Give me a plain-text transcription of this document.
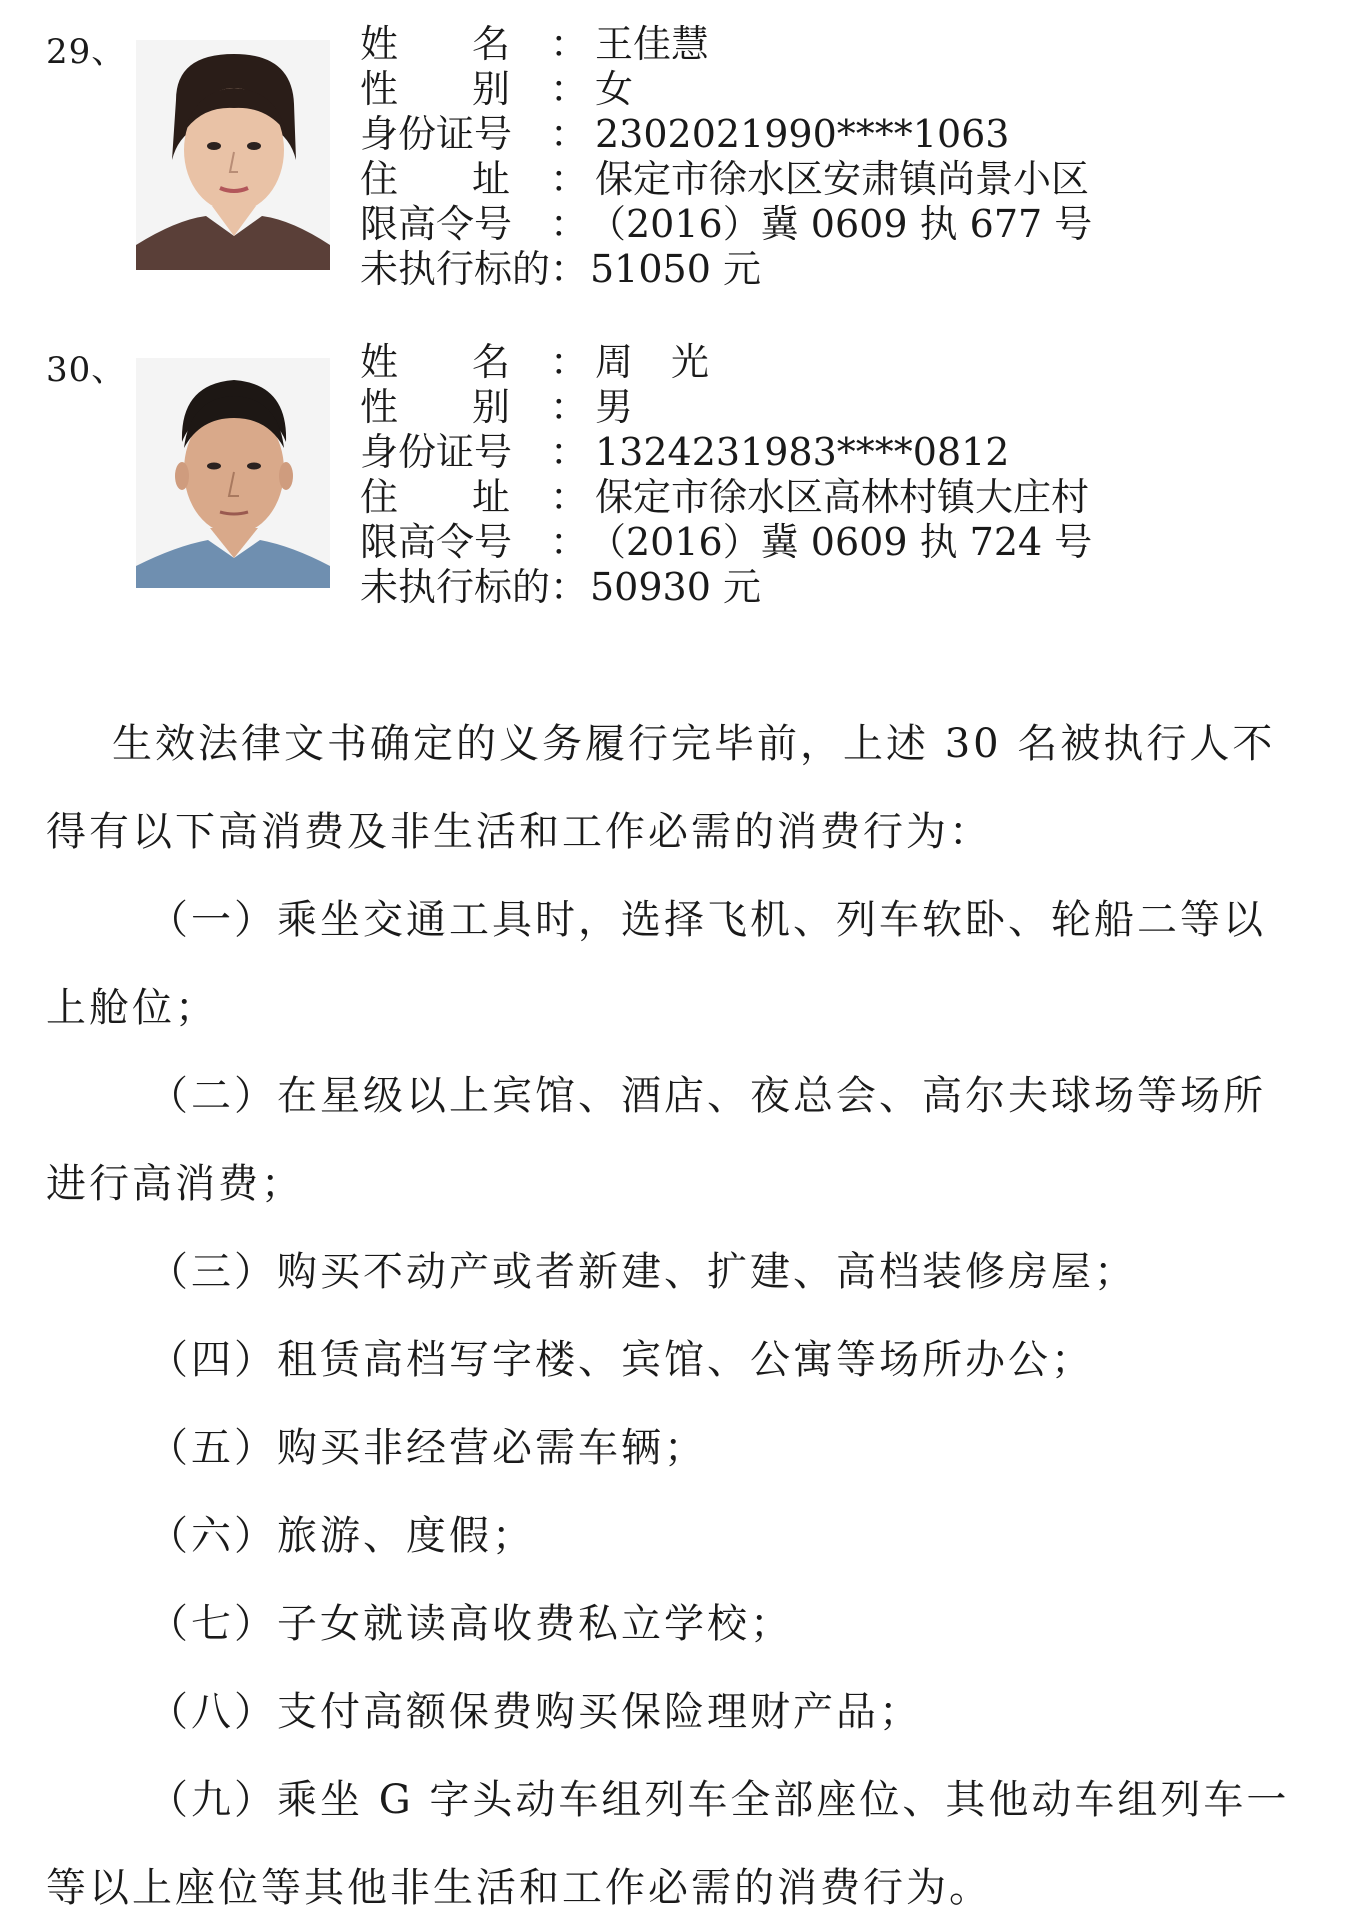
29、	姓 名 ： 王佳慧
性 别 ： 女
身份证号 ： 2302021990****1063
住 址 ： 保定市徐水区安肃镇尚景小区
限高令号 ： （2016）冀 0609 执 677 号
未执行标的： 51050 元
30、	姓 名 ： 周　光
性 别 ： 男
身份证号 ： 1324231983****0812
住 址 ： 保定市徐水区高林村镇大庄村
限高令号 ： （2016）冀 0609 执 724 号
未执行标的： 50930 元

生效法律文书确定的义务履行完毕前，上述 30 名被执行人不
得有以下高消费及非生活和工作必需的消费行为：

（一）乘坐交通工具时，选择飞机、列车软卧、轮船二等以

上舱位；

（二）在星级以上宾馆、酒店、夜总会、高尔夫球场等场所

进行高消费；

（三）购买不动产或者新建、扩建、高档装修房屋；

（四）租赁高档写字楼、宾馆、公寓等场所办公；

（五）购买非经营必需车辆；

（六）旅游、度假；

（七）子女就读高收费私立学校；

（八）支付高额保费购买保险理财产品；

（九）乘坐 G 字头动车组列车全部座位、其他动车组列车一

等以上座位等其他非生活和工作必需的消费行为。
